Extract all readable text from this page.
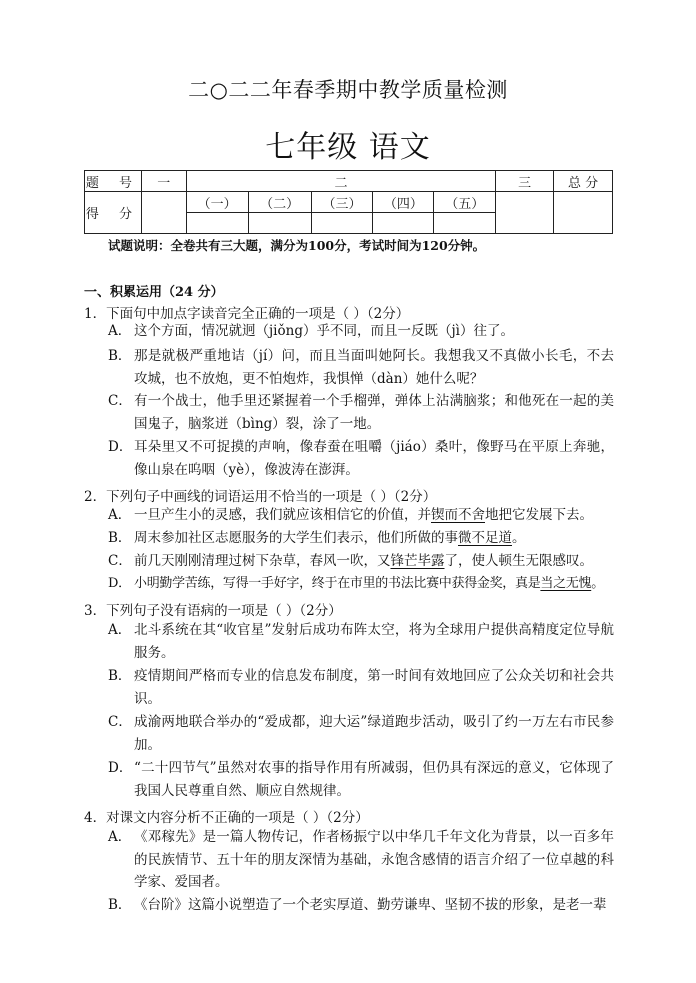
二○二二年春季期中教学质量检测
七年级 语文
题 号	一	二					三	总 分
得 分		（一）	（二）	（三）	（四）	（五）		

试题说明：全卷共有三大题，满分为100分，考试时间为120分钟。
一、积累运用（24 分）
1．下面句中加点字读音完全正确的一项是（ ）（2分）
A． 这个方面，情况就迥（jiǒng）乎不同，而且一反既（jì）往了。
B． 那是就极严重地诘（jí）问，而且当面叫她阿长。我想我又不真做小长毛，不去攻城，也不放炮，更不怕炮炸，我惧惮（dàn）她什么呢？
C． 有一个战士，他手里还紧握着一个手榴弹，弹体上沾满脑浆；和他死在一起的美国鬼子，脑浆迸（bìng）裂，涂了一地。
D． 耳朵里又不可捉摸的声响，像春蚕在咀嚼（jiáo）桑叶，像野马在平原上奔驰，像山泉在呜咽（yè），像波涛在澎湃。
2．下列句子中画线的词语运用不恰当的一项是（ ）（2分）
A． 一旦产生小的灵感，我们就应该相信它的价值，并锲而不舍地把它发展下去。
B． 周末参加社区志愿服务的大学生们表示，他们所做的事微不足道。
C． 前几天刚刚清理过树下杂草，春风一吹，又锋芒毕露了，使人顿生无限感叹。
D． 小明勤学苦练，写得一手好字，终于在市里的书法比赛中获得金奖，真是当之无愧。
3．下列句子没有语病的一项是（ ）（2分）
A． 北斗系统在其“收官星”发射后成功布阵太空，将为全球用户提供高精度定位导航服务。
B． 疫情期间严格而专业的信息发布制度，第一时间有效地回应了公众关切和社会共识。
C． 成渝两地联合举办的“爱成都，迎大运”绿道跑步活动，吸引了约一万左右市民参加。
D． “二十四节气”虽然对农事的指导作用有所减弱，但仍具有深远的意义，它体现了我国人民尊重自然、顺应自然规律。
4．对课文内容分析不正确的一项是（ ）（2分）
A． 《邓稼先》是一篇人物传记，作者杨振宁以中华几千年文化为背景，以一百多年的民族情节、五十年的朋友深情为基础，永饱含感情的语言介绍了一位卓越的科学家、爱国者。
B． 《台阶》这篇小说塑造了一个老实厚道、勤劳谦卑、坚韧不拔的形象，是老一辈
